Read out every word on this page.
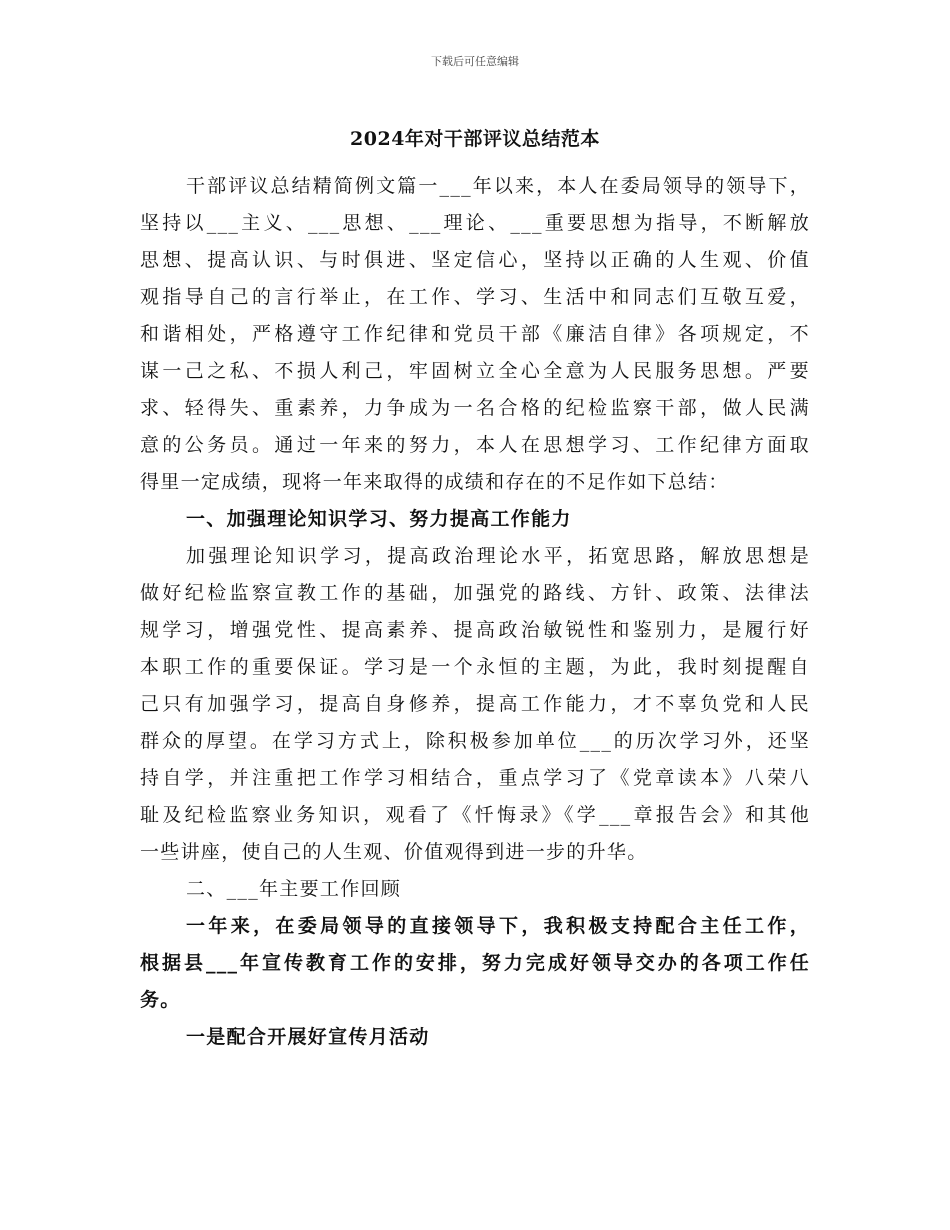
下载后可任意编辑
2024年对干部评议总结范本
干部评议总结精简例文篇一___年以来，本人在委局领导的领导下，
坚持以___主义、___思想、___理论、___重要思想为指导，不断解放
思想、提高认识、与时俱进、坚定信心，坚持以正确的人生观、价值
观指导自己的言行举止，在工作、学习、生活中和同志们互敬互爱，
和谐相处，严格遵守工作纪律和党员干部《廉洁自律》各项规定，不
谋一己之私、不损人利己，牢固树立全心全意为人民服务思想。严要
求、轻得失、重素养，力争成为一名合格的纪检监察干部，做人民满
意的公务员。通过一年来的努力，本人在思想学习、工作纪律方面取
得里一定成绩，现将一年来取得的成绩和存在的不足作如下总结：
一、加强理论知识学习、努力提高工作能力
加强理论知识学习，提高政治理论水平，拓宽思路，解放思想是
做好纪检监察宣教工作的基础，加强党的路线、方针、政策、法律法
规学习，增强党性、提高素养、提高政治敏锐性和鉴别力，是履行好
本职工作的重要保证。学习是一个永恒的主题，为此，我时刻提醒自
己只有加强学习，提高自身修养，提高工作能力，才不辜负党和人民
群众的厚望。在学习方式上，除积极参加单位___的历次学习外，还坚
持自学，并注重把工作学习相结合，重点学习了《党章读本》八荣八
耻及纪检监察业务知识，观看了《忏悔录》《学___章报告会》和其他
一些讲座，使自己的人生观、价值观得到进一步的升华。
二、___年主要工作回顾
一年来，在委局领导的直接领导下，我积极支持配合主任工作，
根据县___年宣传教育工作的安排，努力完成好领导交办的各项工作任
务。
一是配合开展好宣传月活动
